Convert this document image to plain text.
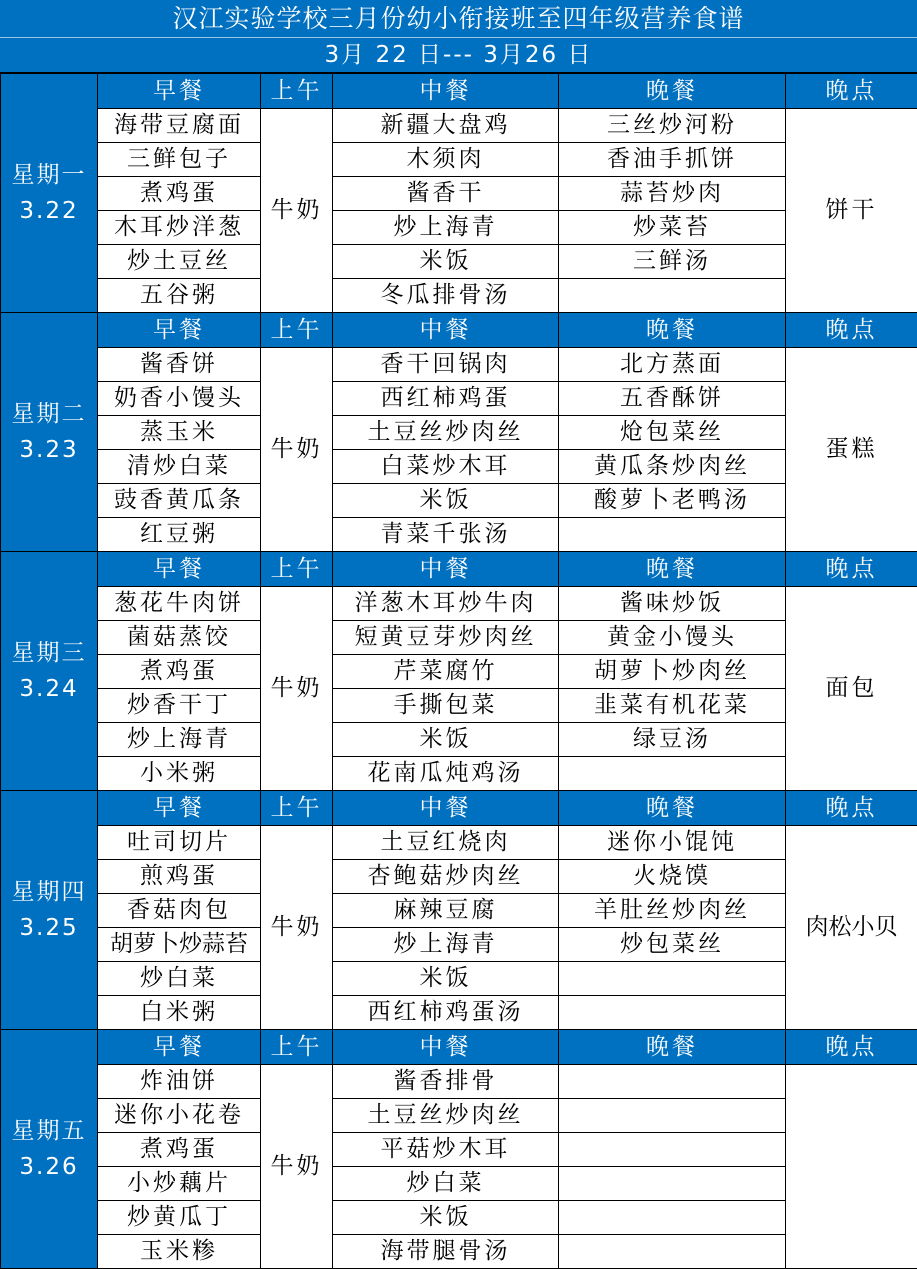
汉江实验学校三月份幼小衔接班至四年级营养食谱
3月 22 日--- 3月26 日
星期一
3.22	早餐	上午	中餐	晚餐	晚点
	海带豆腐面	牛奶	新疆大盘鸡	三丝炒河粉	饼干
	三鲜包子		木须肉	香油手抓饼	
	煮鸡蛋		酱香干	蒜苔炒肉	
	木耳炒洋葱		炒上海青	炒菜苔	
	炒土豆丝		米饭	三鲜汤	
	五谷粥		冬瓜排骨汤		

星期二
3.23	早餐	上午	中餐	晚餐	晚点
	酱香饼	牛奶	香干回锅肉	北方蒸面	蛋糕
	奶香小馒头		西红柿鸡蛋	五香酥饼	
	蒸玉米		土豆丝炒肉丝	炝包菜丝	
	清炒白菜		白菜炒木耳	黄瓜条炒肉丝	
	豉香黄瓜条		米饭	酸萝卜老鸭汤	
	红豆粥		青菜千张汤		

星期三
3.24	早餐	上午	中餐	晚餐	晚点
	葱花牛肉饼	牛奶	洋葱木耳炒牛肉	酱味炒饭	面包
	菌菇蒸饺		短黄豆芽炒肉丝	黄金小馒头	
	煮鸡蛋		芹菜腐竹	胡萝卜炒肉丝	
	炒香干丁		手撕包菜	韭菜有机花菜	
	炒上海青		米饭	绿豆汤	
	小米粥		花南瓜炖鸡汤		

星期四
3.25	早餐	上午	中餐	晚餐	晚点
	吐司切片	牛奶	土豆红烧肉	迷你小馄饨	肉松小贝
	煎鸡蛋		杏鲍菇炒肉丝	火烧馍	
	香菇肉包		麻辣豆腐	羊肚丝炒肉丝	
	胡萝卜炒蒜苔		炒上海青	炒包菜丝	
	炒白菜		米饭		
	白米粥		西红柿鸡蛋汤		

星期五
3.26	早餐	上午	中餐	晚餐	晚点
	炸油饼	牛奶	酱香排骨		
	迷你小花卷		土豆丝炒肉丝		
	煮鸡蛋		平菇炒木耳		
	小炒藕片		炒白菜		
	炒黄瓜丁		米饭		
	玉米糁		海带腿骨汤		
